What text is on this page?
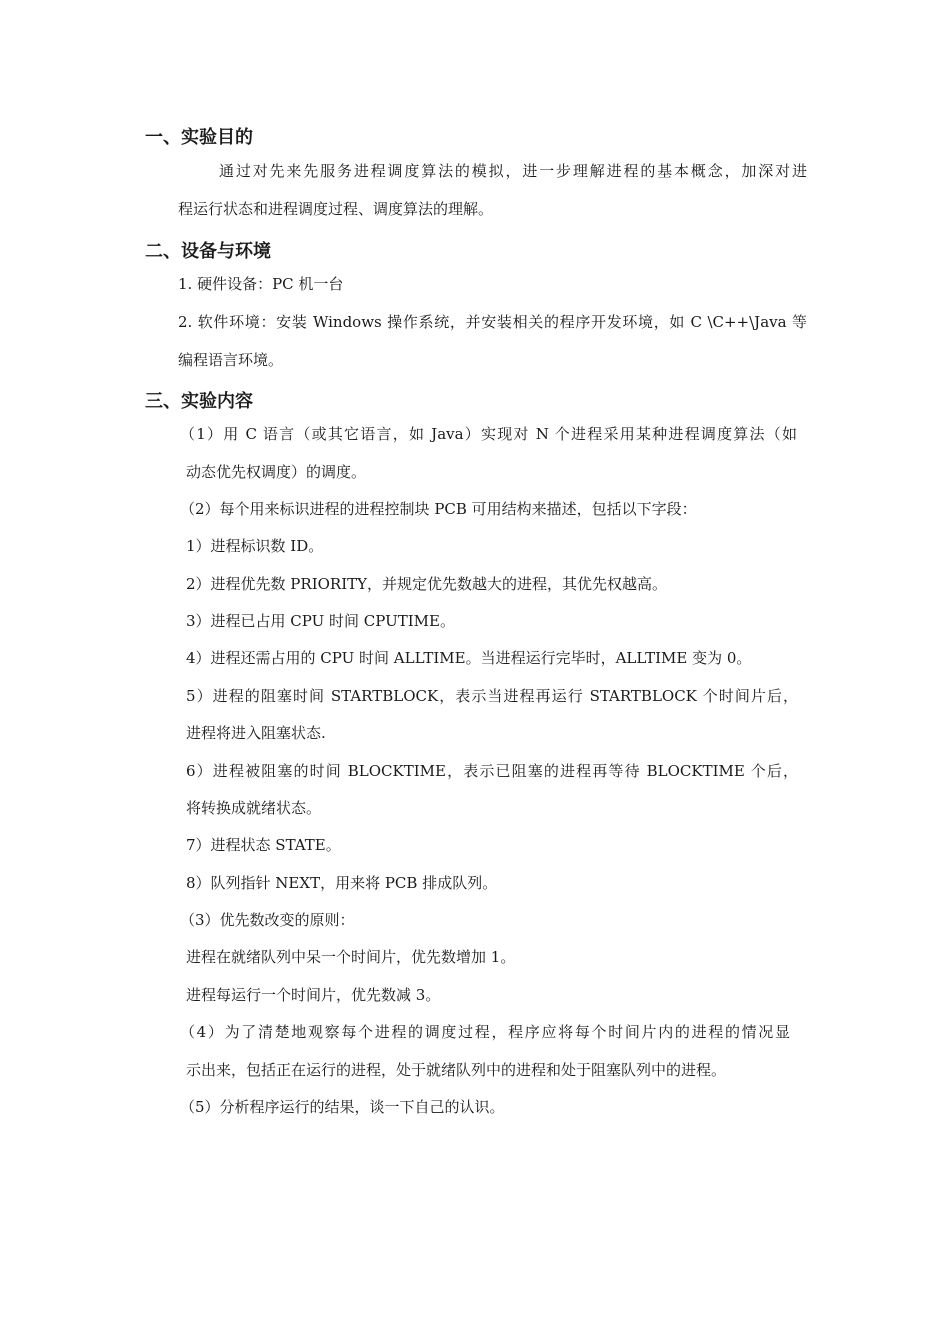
一、实验目的

通过对先来先服务进程调度算法的模拟，进一步理解进程的基本概念，加深对进

程运行状态和进程调度过程、调度算法的理解。

二、设备与环境

1. 硬件设备：PC 机一台

2. 软件环境：安装 Windows 操作系统，并安装相关的程序开发环境，如 C \C++\Java 等

编程语言环境。

三、实验内容

（1）用 C 语言（或其它语言，如 Java）实现对 N 个进程采用某种进程调度算法（如

动态优先权调度）的调度。

（2）每个用来标识进程的进程控制块 PCB 可用结构来描述，包括以下字段：

1）进程标识数 ID。

2）进程优先数 PRIORITY，并规定优先数越大的进程，其优先权越高。

3）进程已占用 CPU 时间 CPUTIME。

4）进程还需占用的 CPU 时间 ALLTIME。当进程运行完毕时，ALLTIME 变为 0。

5）进程的阻塞时间 STARTBLOCK，表示当进程再运行 STARTBLOCK 个时间片后，

进程将进入阻塞状态.

6）进程被阻塞的时间 BLOCKTIME，表示已阻塞的进程再等待 BLOCKTIME 个后，

将转换成就绪状态。

7）进程状态 STATE。

8）队列指针 NEXT，用来将 PCB 排成队列。

（3）优先数改变的原则：

进程在就绪队列中呆一个时间片，优先数增加 1。

进程每运行一个时间片，优先数减 3。

（4）为了清楚地观察每个进程的调度过程，程序应将每个时间片内的进程的情况显

示出来，包括正在运行的进程，处于就绪队列中的进程和处于阻塞队列中的进程。

（5）分析程序运行的结果，谈一下自己的认识。
